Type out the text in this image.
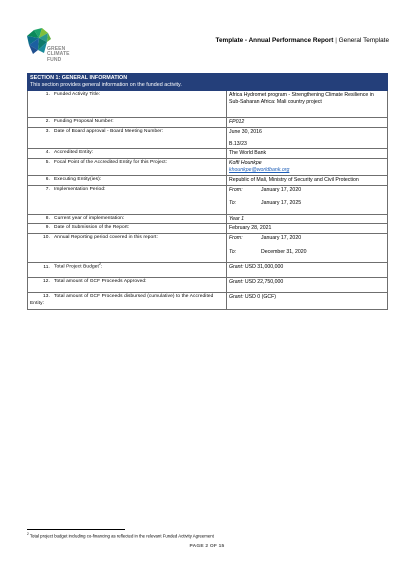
GREEN
CLIMATE
FUND
Template - Annual Performance Report | General Template
SECTION 1: GENERAL INFORMATION
This section provides general information on the funded activity.	

1. Funded Activity Title:	Africa Hydromet program - Strengthening Climate Resilience in Sub-Saharan Africa: Mali country project
2. Funding Proposal Number:	FP012
3. Date of Board approval - Board Meeting Number:	June 30, 2016
B.13/23

4. Accredited Entity:	The World Bank
5. Focal Point of the Accredited Entity for this Project:	Koffi Hounkpe
khounkpe@worldbank.org

6. Executing Entity(ies):	Republic of Mali, Ministry of Security and Civil Protection
7. Implementation Period:	From: January 17, 2020
To: January 17, 2025

8. Current year of implementation:	Year 1
9. Date of Submission of the Report:	February 28, 2021
10. Annual Reporting period covered in this report:	From: January 17, 2020
To: December 31, 2020

11. Total Project Budget$^2$:	Grant: USD 31,000,000
12. Total amount of GCF Proceeds Approved:	Grant: USD 22,750,000
13. Total amount of GCF Proceeds disbursed (cumulative) to the Accredited Entity:	Grant: USD 0 (GCF)
$^2$ Total project budget including co-financing as reflected in the relevant Funded Activity Agreement
PAGE 2 OF 15
